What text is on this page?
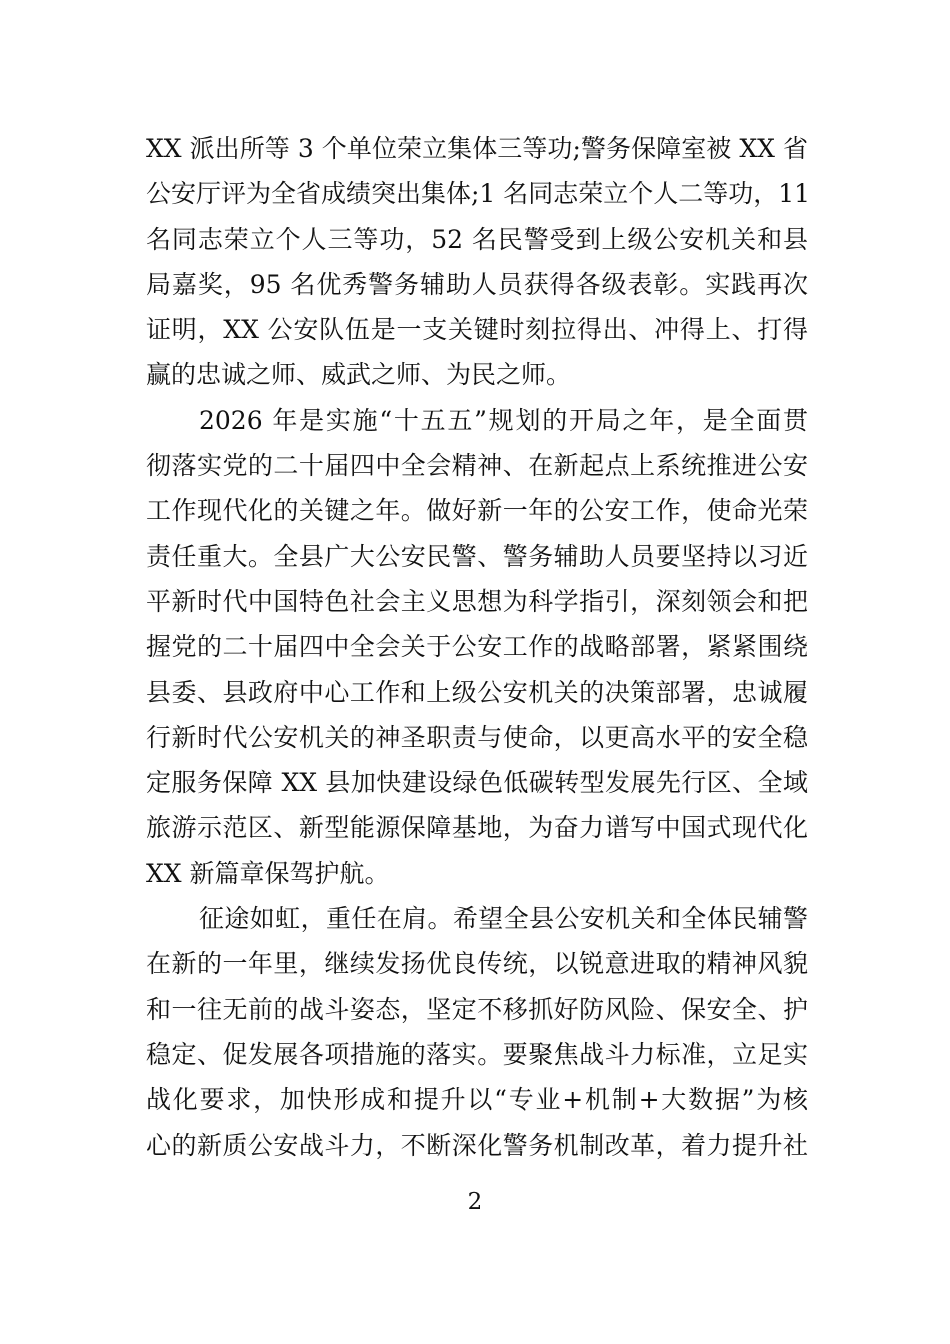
XX 派出所等 3 个单位荣立集体三等功;警务保障室被 XX 省
公安厅评为全省成绩突出集体;1 名同志荣立个人二等功，11
名同志荣立个人三等功，52 名民警受到上级公安机关和县
局嘉奖，95 名优秀警务辅助人员获得各级表彰。实践再次
证明，XX 公安队伍是一支关键时刻拉得出、冲得上、打得
赢的忠诚之师、威武之师、为民之师。
2026 年是实施“十五五”规划的开局之年，是全面贯
彻落实党的二十届四中全会精神、在新起点上系统推进公安
工作现代化的关键之年。做好新一年的公安工作，使命光荣
责任重大。全县广大公安民警、警务辅助人员要坚持以习近
平新时代中国特色社会主义思想为科学指引，深刻领会和把
握党的二十届四中全会关于公安工作的战略部署，紧紧围绕
县委、县政府中心工作和上级公安机关的决策部署，忠诚履
行新时代公安机关的神圣职责与使命，以更高水平的安全稳
定服务保障 XX 县加快建设绿色低碳转型发展先行区、全域
旅游示范区、新型能源保障基地，为奋力谱写中国式现代化
XX 新篇章保驾护航。
征途如虹，重任在肩。希望全县公安机关和全体民辅警
在新的一年里，继续发扬优良传统，以锐意进取的精神风貌
和一往无前的战斗姿态，坚定不移抓好防风险、保安全、护
稳定、促发展各项措施的落实。要聚焦战斗力标准，立足实
战化要求，加快形成和提升以“专业+机制+大数据”为核
心的新质公安战斗力，不断深化警务机制改革，着力提升社
2
